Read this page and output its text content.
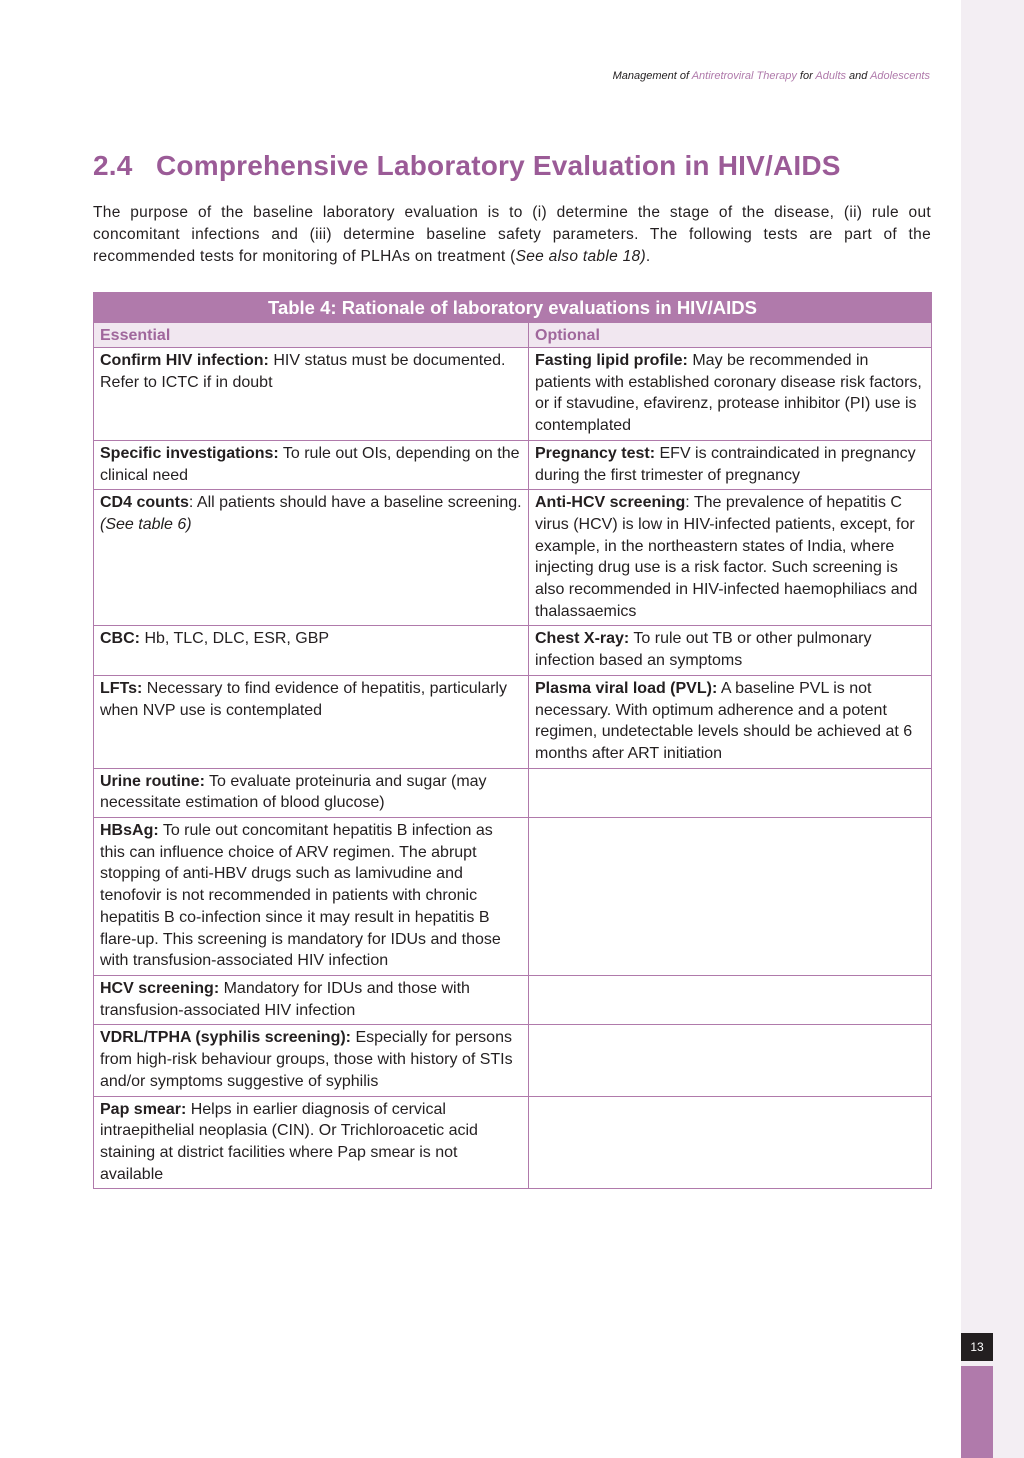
13
Management of Antiretroviral Therapy for Adults and Adolescents
2.4 Comprehensive Laboratory Evaluation in HIV/AIDS

The purpose of the baseline laboratory evaluation is to (i) determine the stage of the disease, (ii) rule out concomitant infections and (iii) determine baseline safety parameters. The following tests are part of the recommended tests for monitoring of PLHAs on treatment (See also table 18).

Table 4: Rationale of laboratory evaluations in HIV/AIDS	
Essential	Optional
Confirm HIV infection: HIV status must be documented. Refer to ICTC if in doubt	Fasting lipid profile: May be recommended in patients with established coronary disease risk factors, or if stavudine, efavirenz, protease inhibitor (PI) use is contemplated
Specific investigations: To rule out OIs, depending on the clinical need	Pregnancy test: EFV is contraindicated in pregnancy during the first trimester of pregnancy
CD4 counts: All patients should have a baseline screening. (See table 6)	Anti-HCV screening: The prevalence of hepatitis C virus (HCV) is low in HIV-infected patients, except, for example, in the northeastern states of India, where injecting drug use is a risk factor. Such screening is also recommended in HIV-infected haemophiliacs and thalassaemics
CBC: Hb, TLC, DLC, ESR, GBP	Chest X-ray: To rule out TB or other pulmonary infection based an symptoms
LFTs: Necessary to find evidence of hepatitis, particularly when NVP use is contemplated	Plasma viral load (PVL): A baseline PVL is not necessary. With optimum adherence and a potent regimen, undetectable levels should be achieved at 6 months after ART initiation
Urine routine: To evaluate proteinuria and sugar (may necessitate estimation of blood glucose)	
HBsAg: To rule out concomitant hepatitis B infection as this can influence choice of ARV regimen. The abrupt stopping of anti-HBV drugs such as lamivudine and tenofovir is not recommended in patients with chronic hepatitis B co-infection since it may result in hepatitis B flare-up. This screening is mandatory for IDUs and those with transfusion-associated HIV infection	
HCV screening: Mandatory for IDUs and those with transfusion-associated HIV infection	
VDRL/TPHA (syphilis screening): Especially for persons from high-risk behaviour groups, those with history of STIs and/or symptoms suggestive of syphilis	
Pap smear: Helps in earlier diagnosis of cervical intraepithelial neoplasia (CIN). Or Trichloroacetic acid staining at district facilities where Pap smear is not available	
